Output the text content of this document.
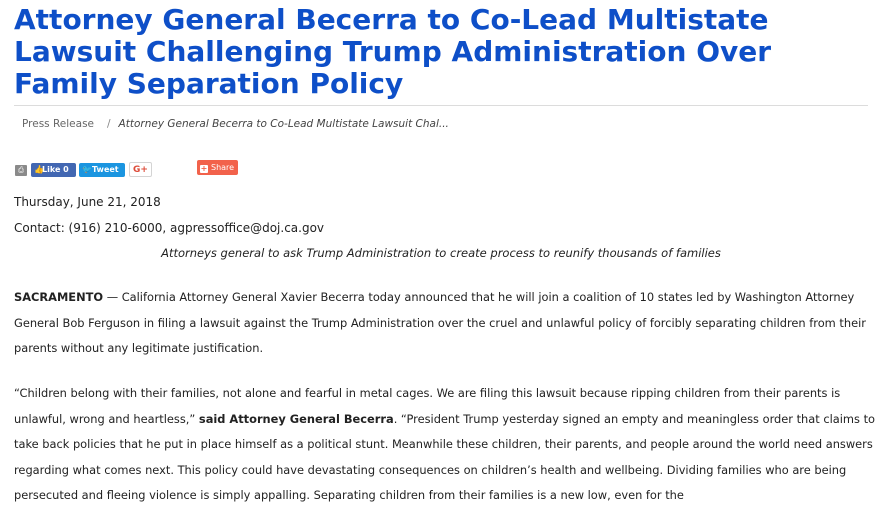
Attorney General Becerra to Co-Lead Multistate Lawsuit Challenging Trump Administration Over Family Separation Policy
Press Release / Attorney General Becerra to Co-Lead Multistate Lawsuit Chal...
⎙	👍Like 0	🐦Tweet	G+	+ Share
Thursday, June 21, 2018
Contact: (916) 210-6000, agpressoffice@doj.ca.gov
Attorneys general to ask Trump Administration to create process to reunify thousands of families

SACRAMENTO — California Attorney General Xavier Becerra today announced that he will join a coalition of 10 states led by Washington Attorney General Bob Ferguson in filing a lawsuit against the Trump Administration over the cruel and unlawful policy of forcibly separating children from their parents without any legitimate justification.

“Children belong with their families, not alone and fearful in metal cages. We are filing this lawsuit because ripping children from their parents is unlawful, wrong and heartless,” said Attorney General Becerra. “President Trump yesterday signed an empty and meaningless order that claims to take back policies that he put in place himself as a political stunt. Meanwhile these children, their parents, and people around the world need answers regarding what comes next. This policy could have devastating consequences on children’s health and wellbeing. Dividing families who are being persecuted and fleeing violence is simply appalling. Separating children from their families is a new low, even for the
